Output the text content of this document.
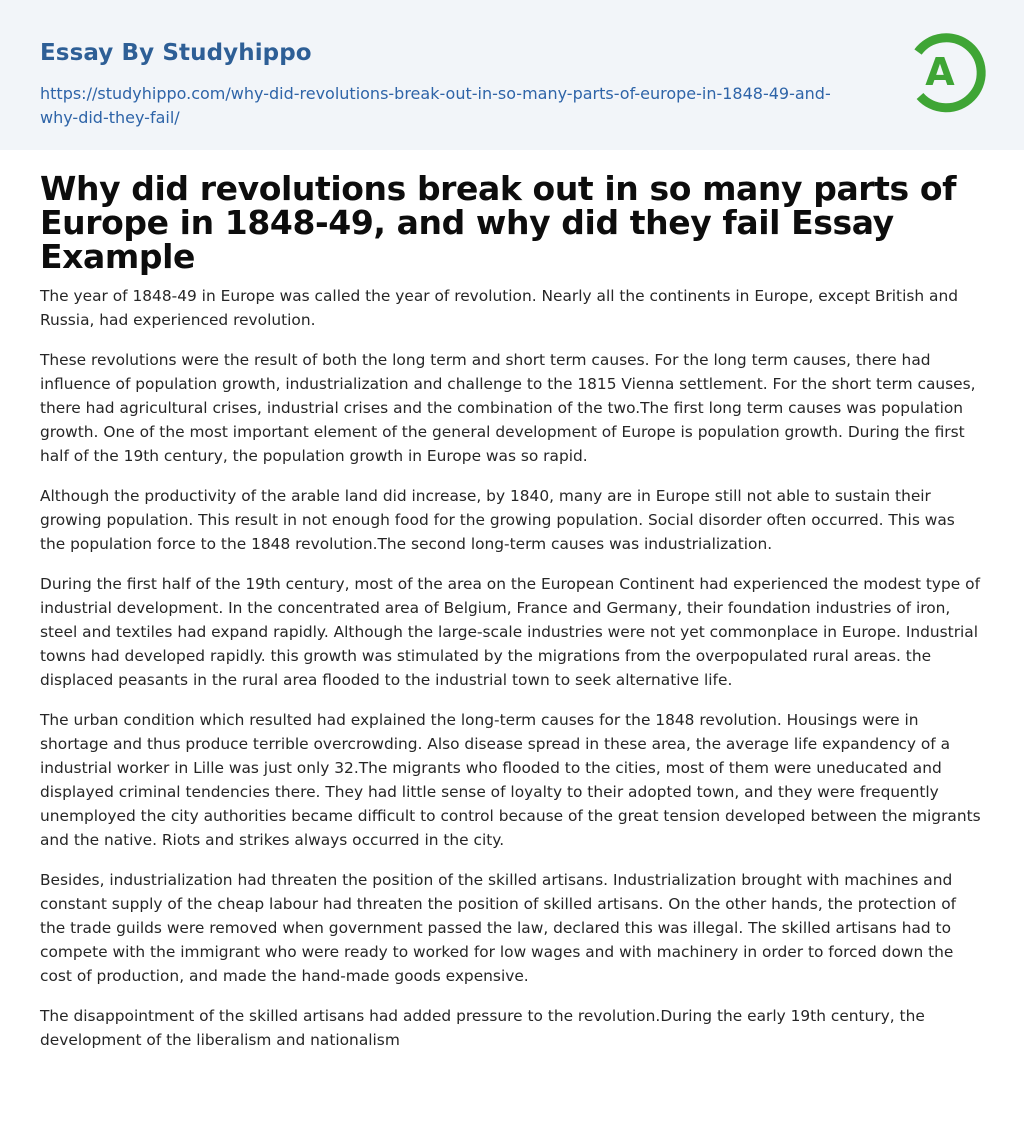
Essay By Studyhippo
https://studyhippo.com/why-did-revolutions-break-out-in-so-many-parts-of-europe-in-1848-49-and-why-did-they-fail/
A
Why did revolutions break out in so many parts of Europe in 1848-49, and why did they fail Essay Example

The year of 1848-49 in Europe was called the year of revolution. Nearly all the continents in Europe, except British and Russia, had experienced revolution.

These revolutions were the result of both the long term and short term causes. For the long term causes, there had influence of population growth, industrialization and challenge to the 1815 Vienna settlement. For the short term causes, there had agricultural crises, industrial crises and the combination of the two.The first long term causes was population growth. One of the most important element of the general development of Europe is population growth. During the first half of the 19th century, the population growth in Europe was so rapid.

Although the productivity of the arable land did increase, by 1840, many are in Europe still not able to sustain their growing population. This result in not enough food for the growing population. Social disorder often occurred. This was the population force to the 1848 revolution.The second long-term causes was industrialization.

During the first half of the 19th century, most of the area on the European Continent had experienced the modest type of industrial development. In the concentrated area of Belgium, France and Germany, their foundation industries of iron, steel and textiles had expand rapidly. Although the large-scale industries were not yet commonplace in Europe. Industrial towns had developed rapidly. this growth was stimulated by the migrations from the overpopulated rural areas. the displaced peasants in the rural area flooded to the industrial town to seek alternative life.

The urban condition which resulted had explained the long-term causes for the 1848 revolution. Housings were in shortage and thus produce terrible overcrowding. Also disease spread in these area, the average life expandency of a industrial worker in Lille was just only 32.The migrants who flooded to the cities, most of them were uneducated and displayed criminal tendencies there. They had little sense of loyalty to their adopted town, and they were frequently unemployed the city authorities became difficult to control because of the great tension developed between the migrants and the native. Riots and strikes always occurred in the city.

Besides, industrialization had threaten the position of the skilled artisans. Industrialization brought with machines and constant supply of the cheap labour had threaten the position of skilled artisans. On the other hands, the protection of the trade guilds were removed when government passed the law, declared this was illegal. The skilled artisans had to compete with the immigrant who were ready to worked for low wages and with machinery in order to forced down the cost of production, and made the hand-made goods expensive.

The disappointment of the skilled artisans had added pressure to the revolution.During the early 19th century, the development of the liberalism and nationalism
